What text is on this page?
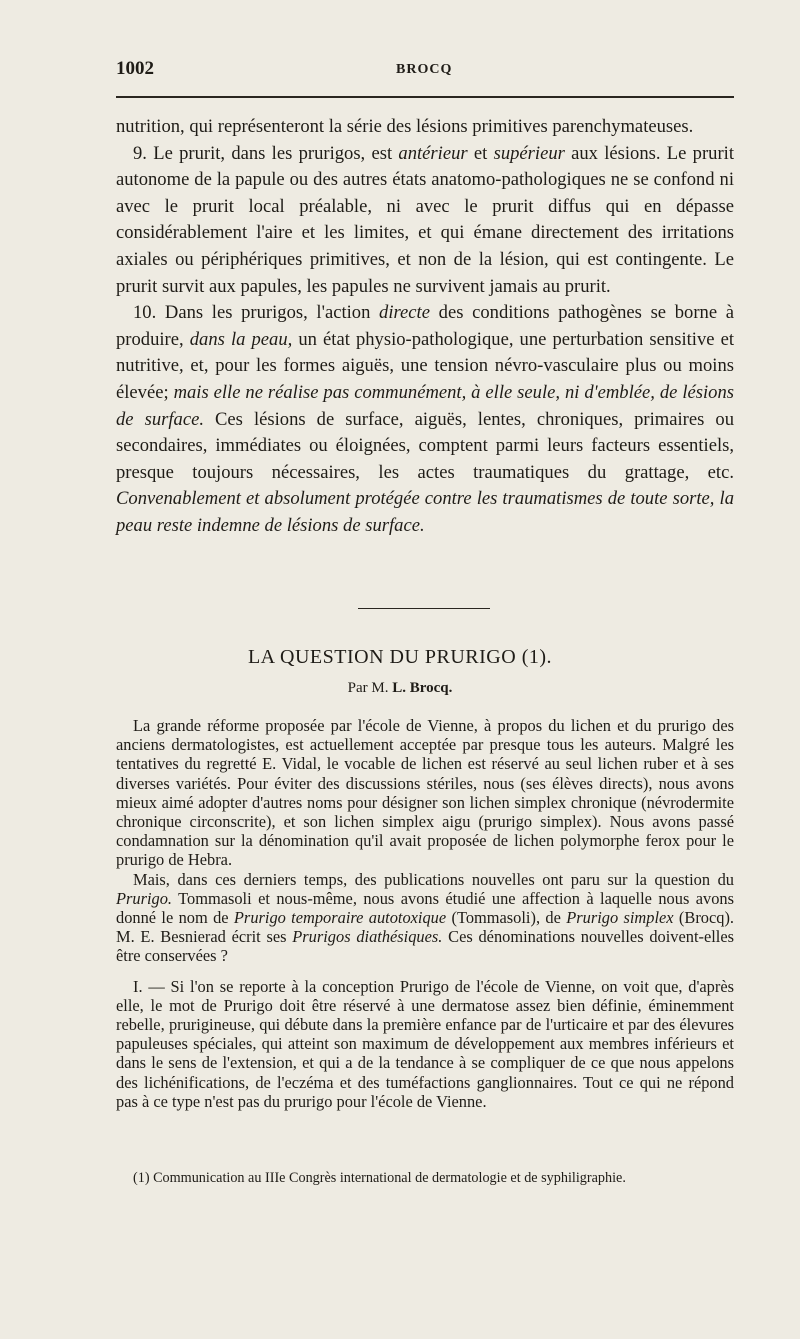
1002	BROCQ

nutrition, qui représenteront la série des lésions primitives parenchymateuses.

9. Le prurit, dans les prurigos, est antérieur et supérieur aux lésions. Le prurit autonome de la papule ou des autres états anatomo-pathologiques ne se confond ni avec le prurit local préalable, ni avec le prurit diffus qui en dépasse considérablement l'aire et les limites, et qui émane directement des irritations axiales ou périphériques primitives, et non de la lésion, qui est contingente. Le prurit survit aux papules, les papules ne survivent jamais au prurit.

10. Dans les prurigos, l'action directe des conditions pathogènes se borne à produire, dans la peau, un état physio-pathologique, une perturbation sensitive et nutritive, et, pour les formes aiguës, une tension névro-vasculaire plus ou moins élevée; mais elle ne réalise pas communément, à elle seule, ni d'emblée, de lésions de surface. Ces lésions de surface, aiguës, lentes, chroniques, primaires ou secondaires, immédiates ou éloignées, comptent parmi leurs facteurs essentiels, presque toujours nécessaires, les actes traumatiques du grattage, etc. Convenablement et absolument protégée contre les traumatismes de toute sorte, la peau reste indemne de lésions de surface.

LA QUESTION DU PRURIGO (1).
Par M. L. Brocq.

La grande réforme proposée par l'école de Vienne, à propos du lichen et du prurigo des anciens dermatologistes, est actuellement acceptée par presque tous les auteurs. Malgré les tentatives du regretté E. Vidal, le vocable de lichen est réservé au seul lichen ruber et à ses diverses variétés. Pour éviter des discussions stériles, nous (ses élèves directs), nous avons mieux aimé adopter d'autres noms pour désigner son lichen simplex chronique (névrodermite chronique circonscrite), et son lichen simplex aigu (prurigo simplex). Nous avons passé condamnation sur la dénomination qu'il avait proposée de lichen polymorphe ferox pour le prurigo de Hebra.

Mais, dans ces derniers temps, des publications nouvelles ont paru sur la question du Prurigo. Tommasoli et nous-même, nous avons étudié une affection à laquelle nous avons donné le nom de Prurigo temporaire autotoxique (Tommasoli), de Prurigo simplex (Brocq). M. E. Besnierad écrit ses Prurigos diathésiques. Ces dénominations nouvelles doivent-elles être conservées ?

I. — Si l'on se reporte à la conception Prurigo de l'école de Vienne, on voit que, d'après elle, le mot de Prurigo doit être réservé à une dermatose assez bien définie, éminemment rebelle, prurigineuse, qui débute dans la première enfance par de l'urticaire et par des élevures papuleuses spéciales, qui atteint son maximum de développement aux membres inférieurs et dans le sens de l'extension, et qui a de la tendance à se compliquer de ce que nous appelons des lichénifications, de l'eczéma et des tuméfactions ganglionnaires. Tout ce qui ne répond pas à ce type n'est pas du prurigo pour l'école de Vienne.

(1) Communication au IIIe Congrès international de dermatologie et de syphiligraphie.
